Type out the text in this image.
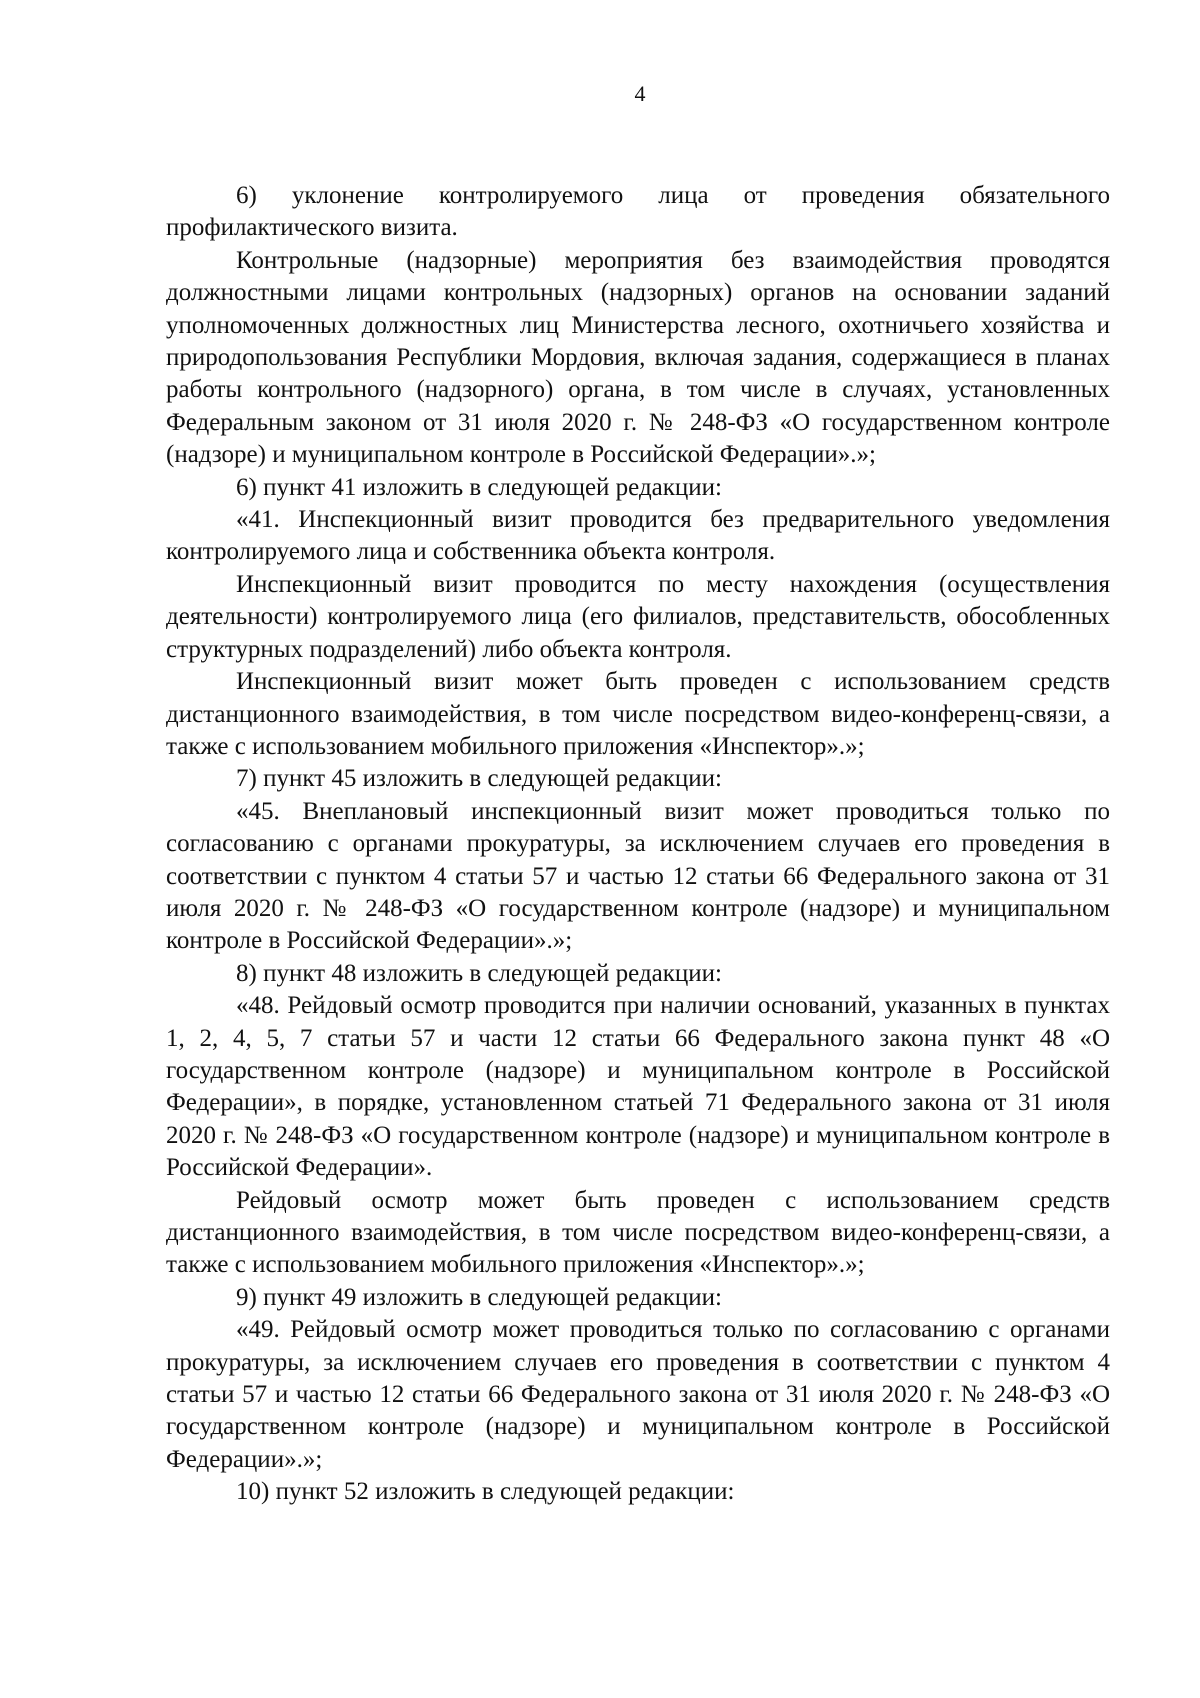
4

6) уклонение контролируемого лица от проведения обязательного профилактического визита.

Контрольные (надзорные) мероприятия без взаимодействия проводятся должностными лицами контрольных (надзорных) органов на основании заданий уполномоченных должностных лиц Министерства лесного, охотничьего хозяйства и природопользования Республики Мордовия, включая задания, содержащиеся в планах работы контрольного (надзорного) органа, в том числе в случаях, установленных Федеральным законом от 31 июля 2020 г. № 248-ФЗ «О государственном контроле (надзоре) и муниципальном контроле в Российской Федерации».»;

6) пункт 41 изложить в следующей редакции:

«41. Инспекционный визит проводится без предварительного уведомления контролируемого лица и собственника объекта контроля.

Инспекционный визит проводится по месту нахождения (осуществления деятельности) контролируемого лица (его филиалов, представительств, обособленных структурных подразделений) либо объекта контроля.

Инспекционный визит может быть проведен с использованием средств дистанционного взаимодействия, в том числе посредством видео-конференц-связи, а также с использованием мобильного приложения «Инспектор».»;

7) пункт 45 изложить в следующей редакции:

«45. Внеплановый инспекционный визит может проводиться только по согласованию с органами прокуратуры, за исключением случаев его проведения в соответствии с пунктом 4 статьи 57 и частью 12 статьи 66 Федерального закона от 31 июля 2020 г. № 248-ФЗ «О государственном контроле (надзоре) и муниципальном контроле в Российской Федерации».»;

8) пункт 48 изложить в следующей редакции:

«48. Рейдовый осмотр проводится при наличии оснований, указанных в пунктах 1, 2, 4, 5, 7 статьи 57 и части 12 статьи 66 Федерального закона пункт 48 «О государственном контроле (надзоре) и муниципальном контроле в Российской Федерации», в порядке, установленном статьей 71 Федерального закона от 31 июля 2020 г. № 248-ФЗ «О государственном контроле (надзоре) и муниципальном контроле в Российской Федерации».

Рейдовый осмотр может быть проведен с использованием средств дистанционного взаимодействия, в том числе посредством видео-конференц-связи, а также с использованием мобильного приложения «Инспектор».»;

9) пункт 49 изложить в следующей редакции:

«49. Рейдовый осмотр может проводиться только по согласованию с органами прокуратуры, за исключением случаев его проведения в соответствии с пунктом 4 статьи 57 и частью 12 статьи 66 Федерального закона от 31 июля 2020 г. № 248-ФЗ «О государственном контроле (надзоре) и муниципальном контроле в Российской Федерации».»;

10) пункт 52 изложить в следующей редакции:
